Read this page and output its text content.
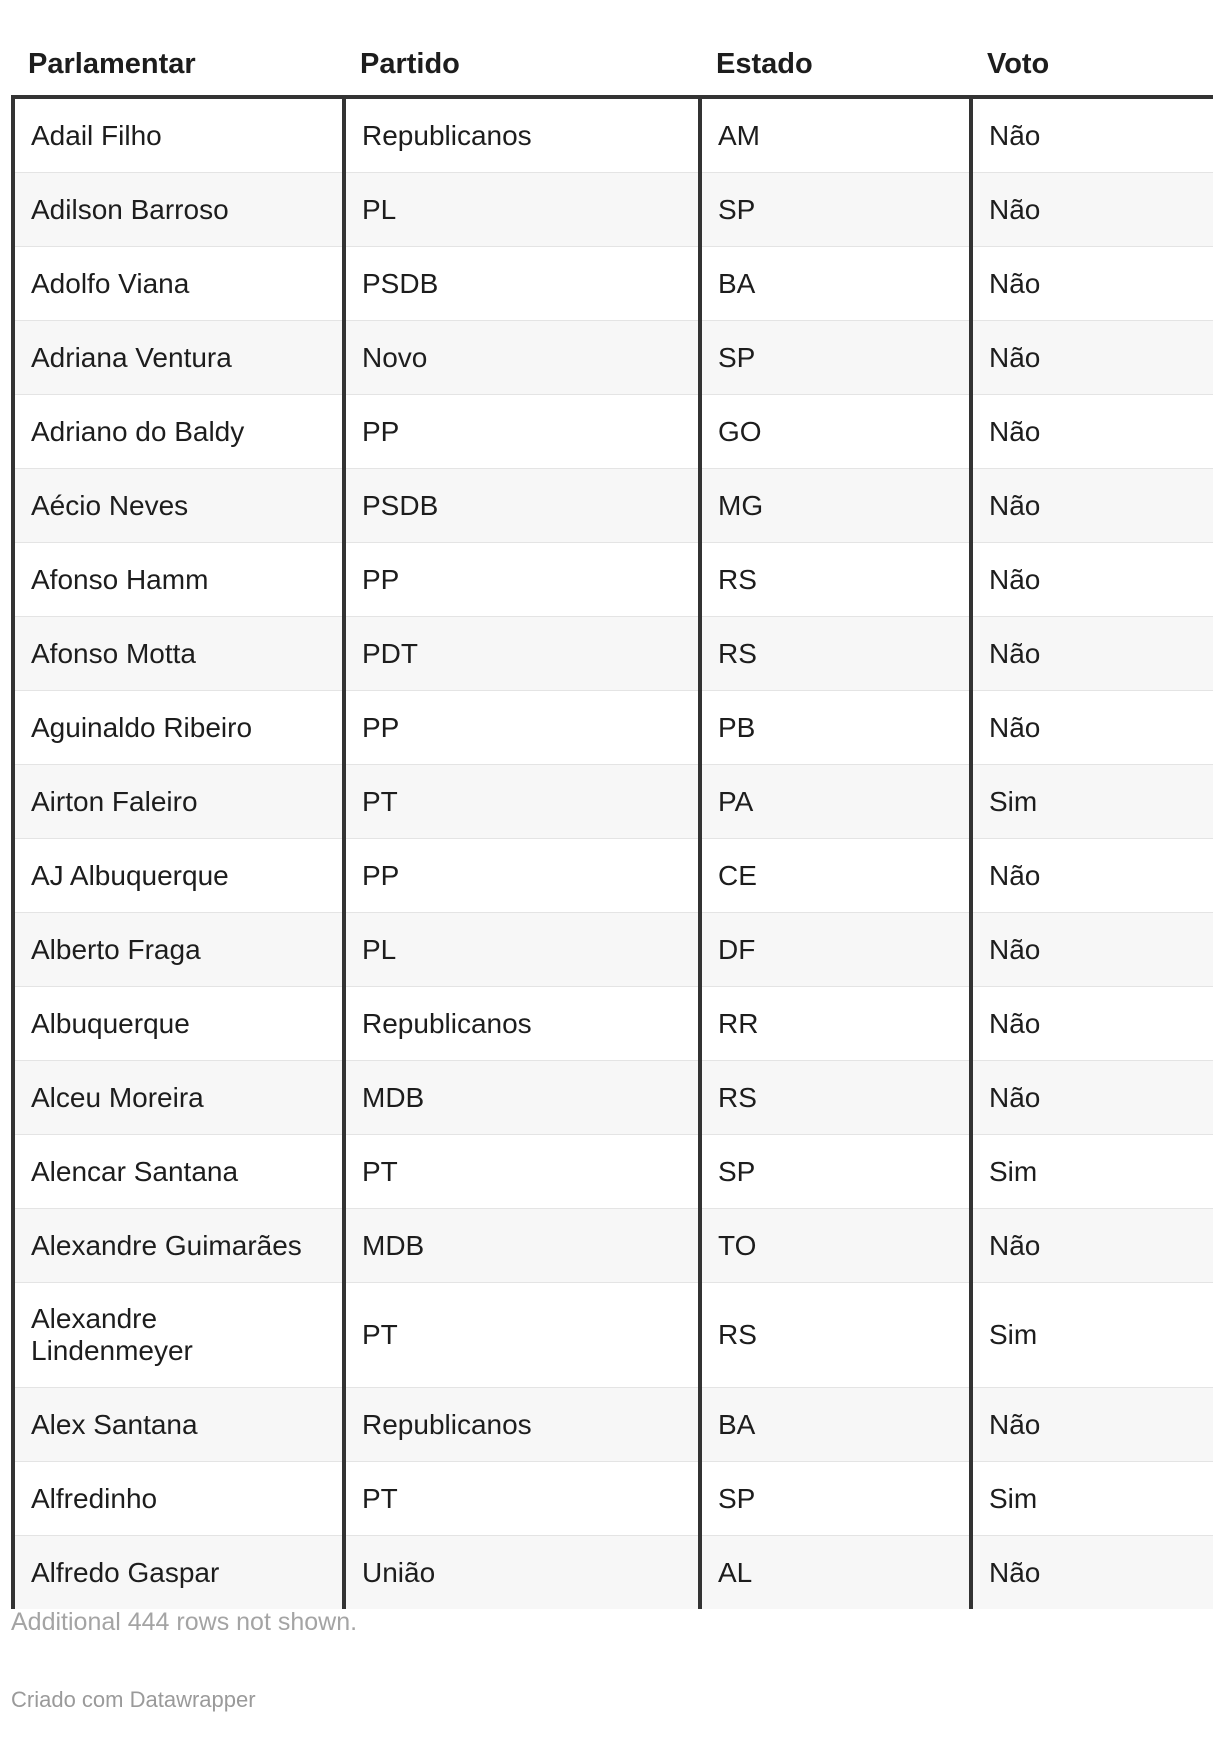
Parlamentar	Partido	Estado	Voto
Adail Filho	Republicanos	AM	Não
Adilson Barroso	PL	SP	Não
Adolfo Viana	PSDB	BA	Não
Adriana Ventura	Novo	SP	Não
Adriano do Baldy	PP	GO	Não
Aécio Neves	PSDB	MG	Não
Afonso Hamm	PP	RS	Não
Afonso Motta	PDT	RS	Não
Aguinaldo Ribeiro	PP	PB	Não
Airton Faleiro	PT	PA	Sim
AJ Albuquerque	PP	CE	Não
Alberto Fraga	PL	DF	Não
Albuquerque	Republicanos	RR	Não
Alceu Moreira	MDB	RS	Não
Alencar Santana	PT	SP	Sim
Alexandre Guimarães	MDB	TO	Não
Alexandre Lindenmeyer	PT	RS	Sim
Alex Santana	Republicanos	BA	Não
Alfredinho	PT	SP	Sim
Alfredo Gaspar	União	AL	Não
Additional 444 rows not shown.
Criado com Datawrapper
